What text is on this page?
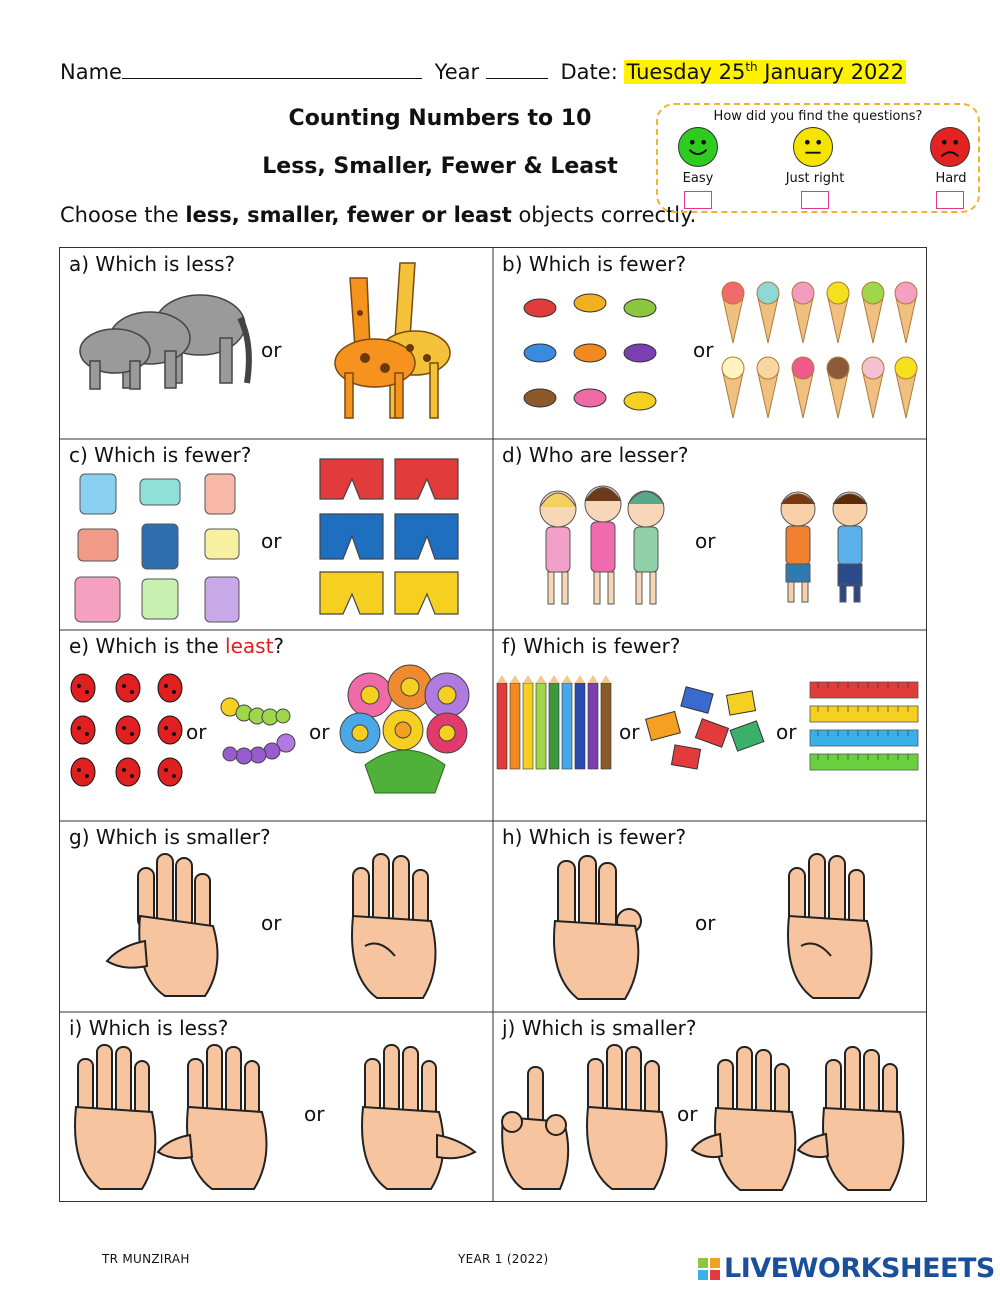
Name	Year	Date: Tuesday 25th January 2022
Counting Numbers to 10
Less, Smaller, Fewer & Least
Choose the less, smaller, fewer or least objects correctly.
How did you find the questions?
Easy	Just right	Hard
a) Which is less?
or
b) Which is fewer?
or
c) Which is fewer?
or
d) Who are lesser?
or
e) Which is the least?
or	or
f) Which is fewer?
or	or
g) Which is smaller?
or
h) Which is fewer?
or
i) Which is less?
or
j) Which is smaller?
or
TR MUNZIRAH	YEAR 1 (2022)	LIVEWORKSHEETS
